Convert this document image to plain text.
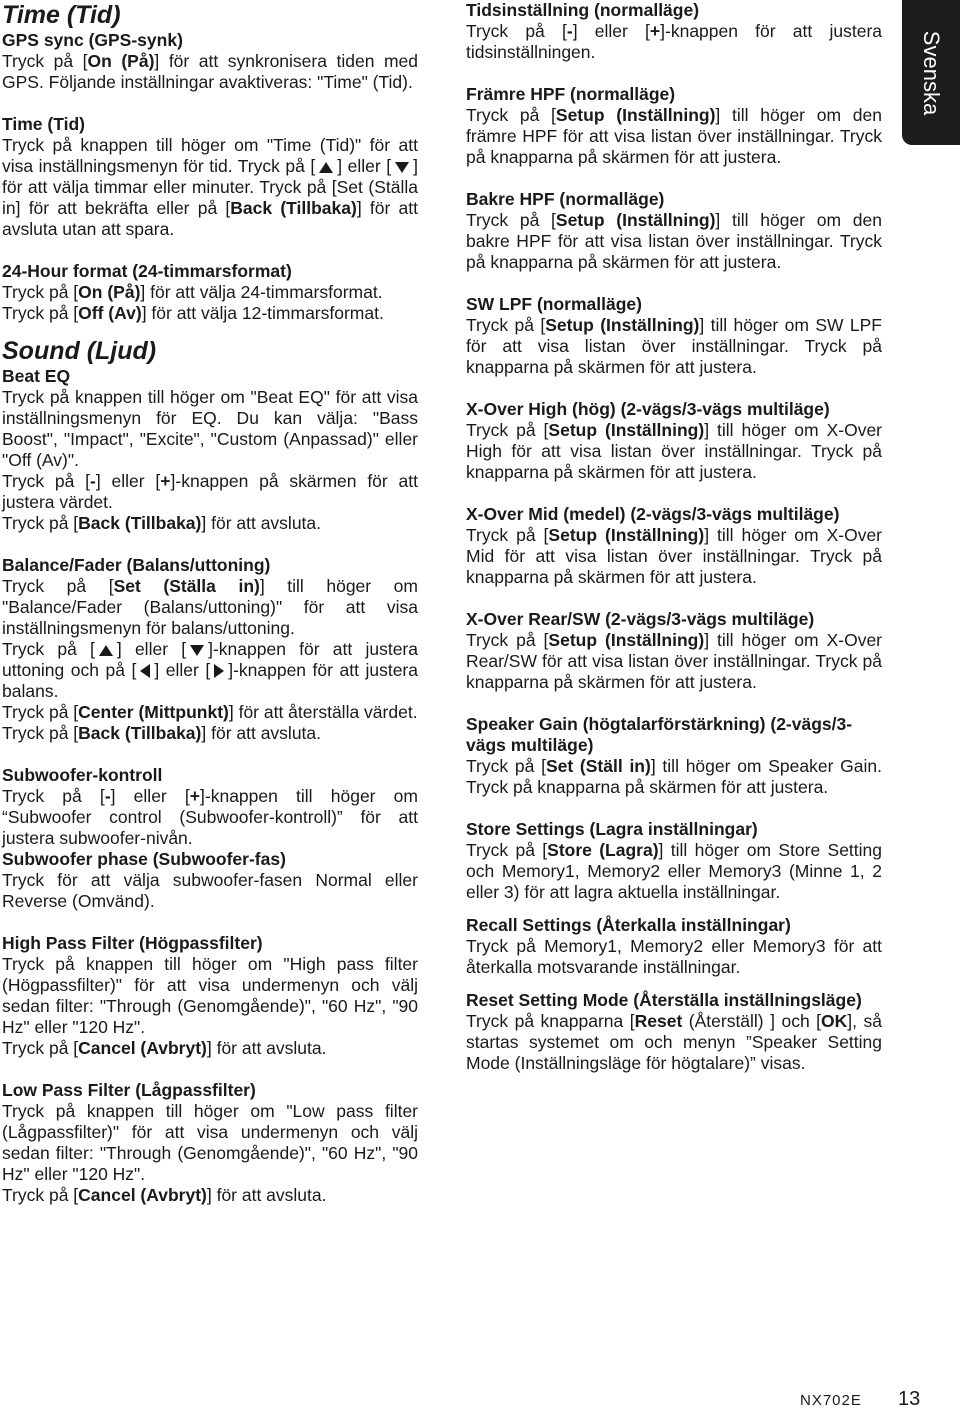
Svenska
Time (Tid)

GPS sync (GPS-synk)

Tryck på [On (På)] för att synkronisera tiden med GPS. Följande inställningar avaktiveras: "Time" (Tid).

Time (Tid)

Tryck på knappen till höger om "Time (Tid)" för att visa inställningsmenyn för tid. Tryck på [ ] eller [ ] för att välja timmar eller minuter. Tryck på [Set (Ställa in] för att bekräfta eller på [Back (Tillbaka)] för att avsluta utan att spara.

24-Hour format (24-timmarsformat)

Tryck på [On (På)] för att välja 24-timmarsformat.

Tryck på [Off (Av)] för att välja 12-timmarsformat.

Sound (Ljud)

Beat EQ

Tryck på knappen till höger om "Beat EQ" för att visa inställningsmenyn för EQ. Du kan välja: "Bass Boost", "Impact", "Excite", "Custom (Anpassad)" eller "Off (Av)".

Tryck på [-] eller [+]-knappen på skärmen för att justera värdet.

Tryck på [Back (Tillbaka)] för att avsluta.

Balance/Fader (Balans/uttoning)

Tryck på [Set (Ställa in)] till höger om "Balance/Fader (Balans/uttoning)" för att visa inställningsmenyn för balans/uttoning.

Tryck på [ ] eller [ ]-knappen för att justera uttoning och på [ ] eller [ ]-knappen för att justera balans.

Tryck på [Center (Mittpunkt)] för att återställa värdet.

Tryck på [Back (Tillbaka)] för att avsluta.

Subwoofer-kontroll

Tryck på [-] eller [+]-knappen till höger om “Subwoofer control (Subwoofer-kontroll)” för att justera subwoofer-nivån.

Subwoofer phase (Subwoofer-fas)

Tryck för att välja subwoofer-fasen Normal eller Reverse (Omvänd).

High Pass Filter (Högpassfilter)

Tryck på knappen till höger om "High pass filter (Högpassfilter)" för att visa undermenyn och välj sedan filter: "Through (Genomgående)", "60 Hz", "90 Hz" eller "120 Hz".

Tryck på [Cancel (Avbryt)] för att avsluta.

Low Pass Filter (Lågpassfilter)

Tryck på knappen till höger om "Low pass filter (Lågpassfilter)" för att visa undermenyn och välj sedan filter: "Through (Genomgående)", "60 Hz", "90 Hz" eller "120 Hz".

Tryck på [Cancel (Avbryt)] för att avsluta.

Tidsinställning (normalläge)

Tryck på [-] eller [+]-knappen för att justera tidsinställningen.

Främre HPF (normalläge)

Tryck på [Setup (Inställning)] till höger om den främre HPF för att visa listan över inställningar. Tryck på knapparna på skärmen för att justera.

Bakre HPF (normalläge)

Tryck på [Setup (Inställning)] till höger om den bakre HPF för att visa listan över inställningar. Tryck på knapparna på skärmen för att justera.

SW LPF (normalläge)

Tryck på [Setup (Inställning)] till höger om SW LPF för att visa listan över inställningar. Tryck på knapparna på skärmen för att justera.

X-Over High (hög) (2-vägs/3-vägs multiläge)

Tryck på [Setup (Inställning)] till höger om X-Over High för att visa listan över inställningar. Tryck på knapparna på skärmen för att justera.

X-Over Mid (medel) (2-vägs/3-vägs multiläge)

Tryck på [Setup (Inställning)] till höger om X-Over Mid för att visa listan över inställningar. Tryck på knapparna på skärmen för att justera.

X-Over Rear/SW (2-vägs/3-vägs multiläge)

Tryck på [Setup (Inställning)] till höger om X-Over Rear/SW för att visa listan över inställningar. Tryck på knapparna på skärmen för att justera.

Speaker Gain (högtalarförstärkning) (2-vägs/3-vägs multiläge)

Tryck på [Set (Ställ in)] till höger om Speaker Gain. Tryck på knapparna på skärmen för att justera.

Store Settings (Lagra inställningar)

Tryck på [Store (Lagra)] till höger om Store Setting och Memory1, Memory2 eller Memory3 (Minne 1, 2 eller 3) för att lagra aktuella inställningar.

Recall Settings (Återkalla inställningar)

Tryck på Memory1, Memory2 eller Memory3 för att återkalla motsvarande inställningar.

Reset Setting Mode (Återställa inställningsläge)

Tryck på knapparna [Reset (Återställ) ] och [OK], så startas systemet om och menyn ”Speaker Setting Mode (Inställningsläge för högtalare)” visas.

NX702E 13
